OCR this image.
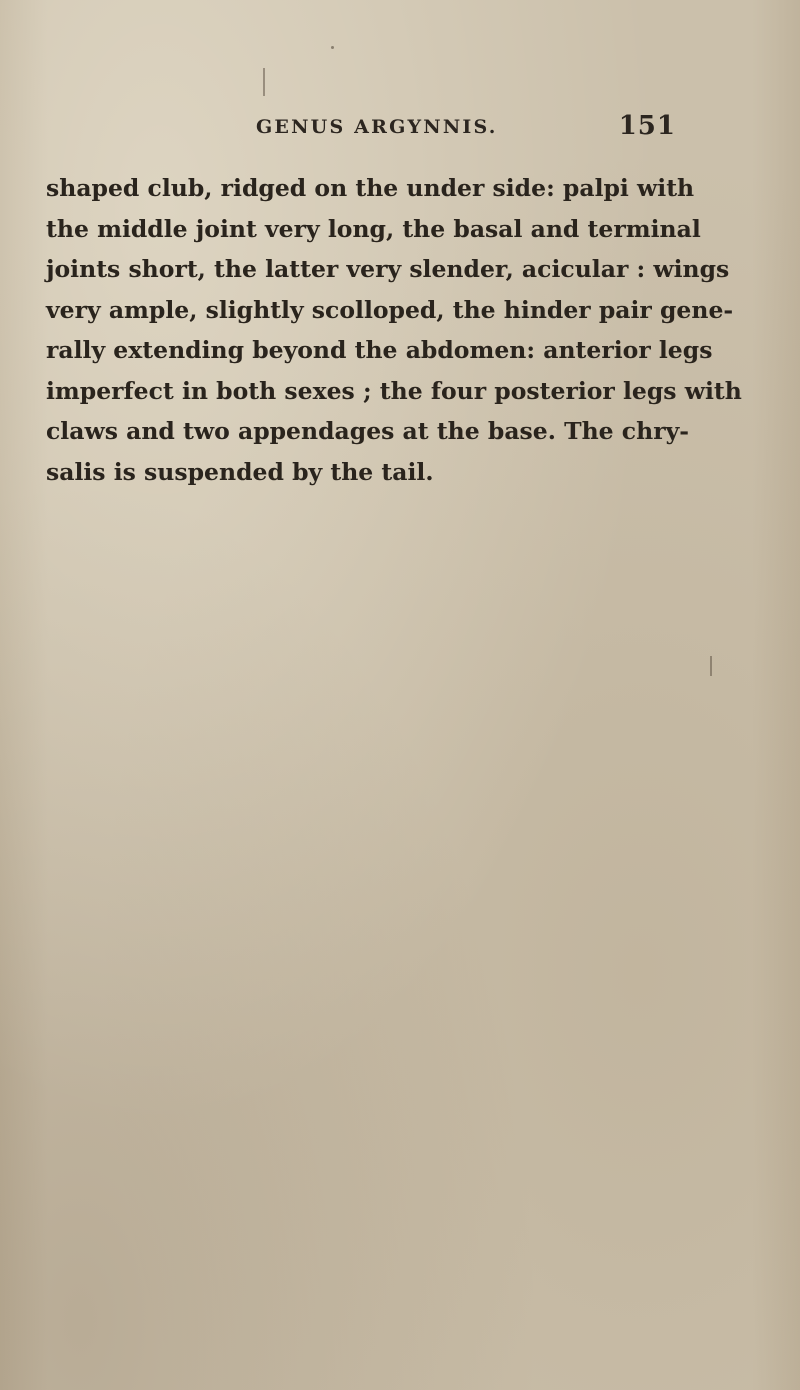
GENUS ARGYNNIS.	151
shaped club, ridged on the under side: palpi with
the middle joint very long, the basal and terminal
joints short, the latter very slender, acicular : wings
very ample, slightly scolloped, the hinder pair gene-
rally extending beyond the abdomen: anterior legs
imperfect in both sexes ; the four posterior legs with
claws and two appendages at the base. The chry-
salis is suspended by the tail.
